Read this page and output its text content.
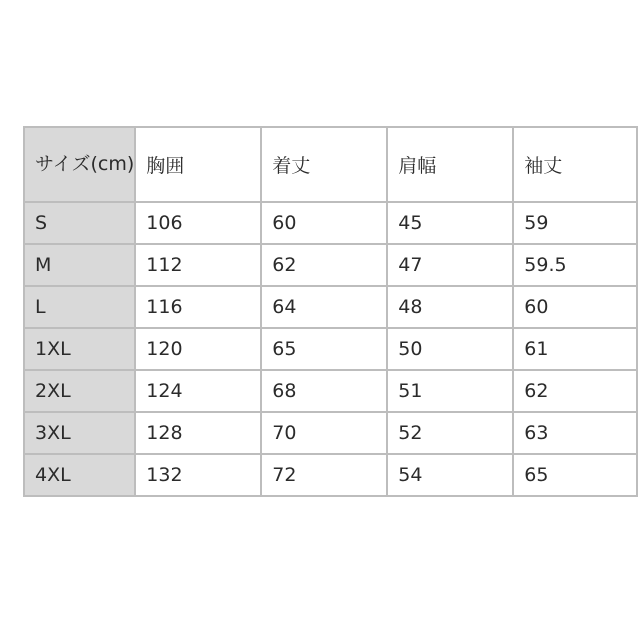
サイズ(cm)	胸囲	着丈	肩幅	袖丈
S	106	60	45	59
M	112	62	47	59.5
L	116	64	48	60
1XL	120	65	50	61
2XL	124	68	51	62
3XL	128	70	52	63
4XL	132	72	54	65
